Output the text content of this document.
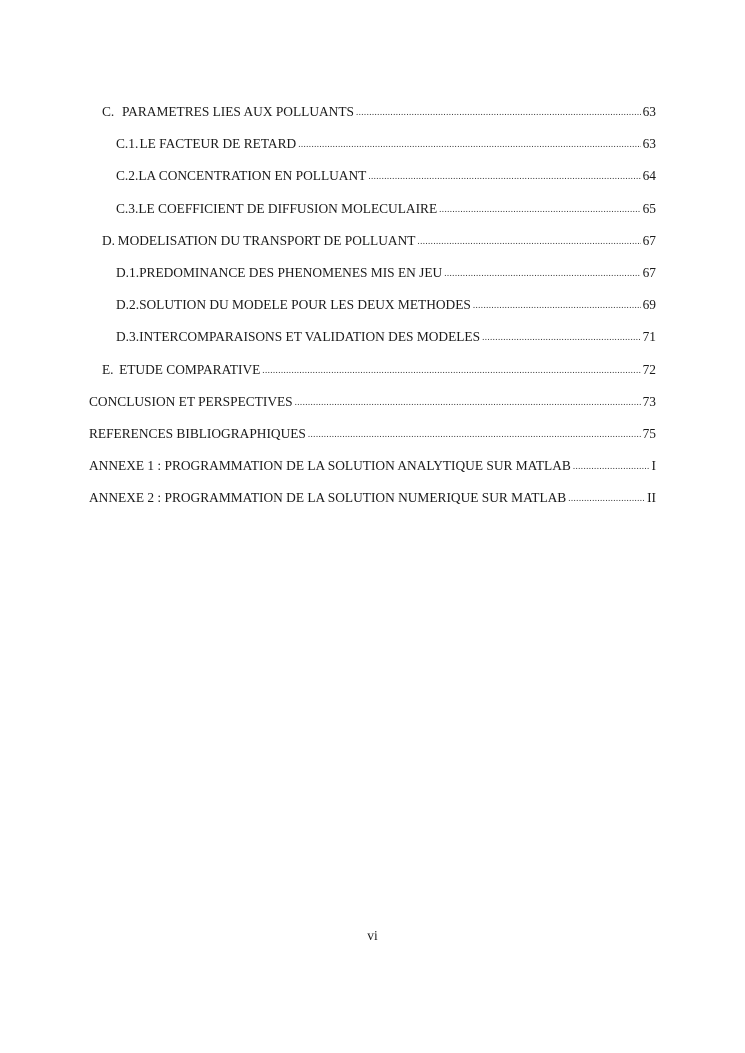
C. PARAMETRES LIES AUX POLLUANTS .....	63
C.1. LE FACTEUR DE RETARD .....	63
C.2. LA CONCENTRATION EN POLLUANT .....	64
C.3. LE COEFFICIENT DE DIFFUSION MOLECULAIRE .....	65
D. MODELISATION DU TRANSPORT DE POLLUANT .....	67
D.1. PREDOMINANCE DES PHENOMENES MIS EN JEU .....	67
D.2. SOLUTION DU MODELE POUR LES DEUX METHODES .....	69
D.3. INTERCOMPARAISONS ET VALIDATION DES MODELES .....	71
E. ETUDE COMPARATIVE .....	72
CONCLUSION ET PERSPECTIVES .....	73
REFERENCES BIBLIOGRAPHIQUES .....	75
ANNEXE 1 : PROGRAMMATION DE LA SOLUTION ANALYTIQUE SUR MATLAB .....	I
ANNEXE 2 : PROGRAMMATION DE LA SOLUTION NUMERIQUE SUR MATLAB .....	II
vi
